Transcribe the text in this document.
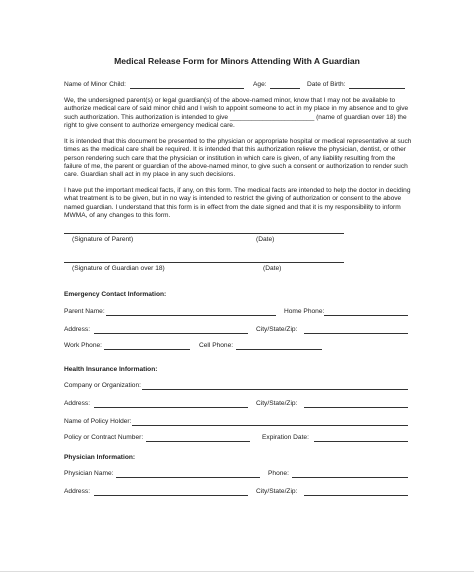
Medical Release Form for Minors Attending With A Guardian
Name of Minor Child:	Age:	Date of Birth:
We, the undersigned parent(s) or legal guardian(s) of the above-named minor, know that I may not be available to authorize medical care of said minor child and I wish to appoint someone to act in my place in my absence and to give such authorization. This authorization is intended to give _______________________ (name of guardian over 18) the right to give consent to authorize emergency medical care.
It is intended that this document be presented to the physician or appropriate hospital or medical representative at such times as the medical care shall be required. It is intended that this authorization relieve the physician, dentist, or other person rendering such care that the physician or institution in which care is given, of any liability resulting from the failure of me, the parent or guardian of the above-named minor, to give such a consent or authorization to render such care. Guardian shall act in my place in any such decisions.
I have put the important medical facts, if any, on this form. The medical facts are intended to help the doctor in deciding what treatment is to be given, but in no way is intended to restrict the giving of authorization or consent to the above named guardian. I understand that this form is in effect from the date signed and that it is my responsibility to inform MWMA, of any changes to this form.
(Signature of Parent)	(Date)
(Signature of Guardian over 18)	(Date)
Emergency Contact Information:
Parent Name:	Home Phone:
Address:	City/State/Zip:
Work Phone:	Cell Phone:
Health Insurance Information:
Company or Organization:
Address:	City/State/Zip:
Name of Policy Holder:
Policy or Contract Number:	Expiration Date:
Physician Information:
Physician Name:	Phone:
Address:	City/State/Zip:
